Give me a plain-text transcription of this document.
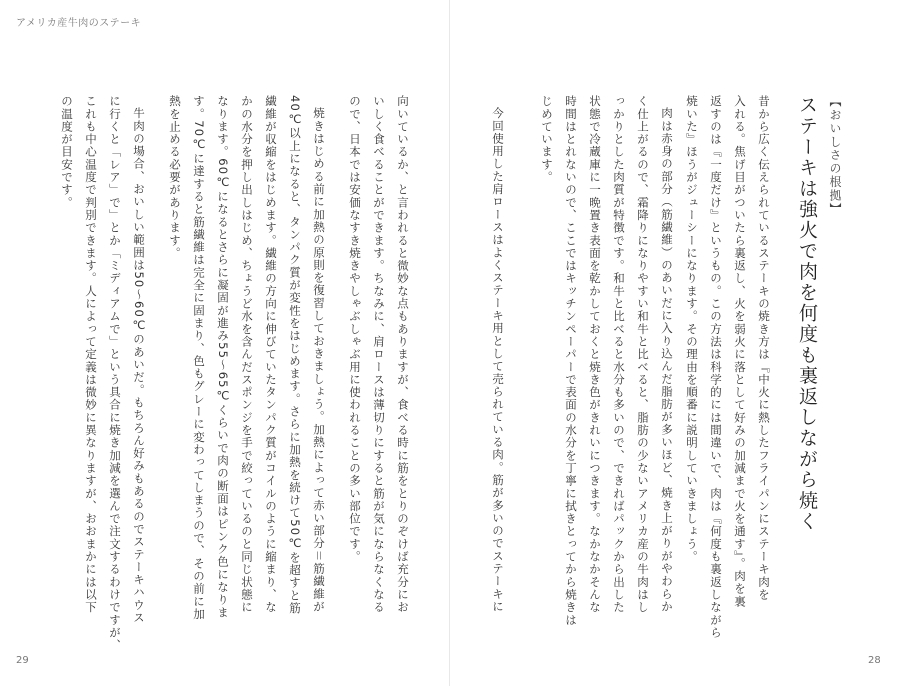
アメリカ産牛肉のステーキ
【おいしさの根拠】
ステーキは強火で肉を何度も裏返しながら焼く
昔から広く伝えられているステーキの焼き方は『中火に熱したフライパンにステーキ肉を
入れる。焦げ目がついたら裏返し、火を弱火に落として好みの加減まで火を通す』。肉を裏
返すのは『一度だけ』というもの。この方法は科学的には間違いで、肉は『何度も裏返しながら
焼いた』ほうがジューシーになります。その理由を順番に説明していきましょう。
肉は赤身の部分（筋繊維）のあいだに入り込んだ脂肪が多いほど、焼き上がりがやわらか
く仕上がるので、霜降りになりやすい和牛と比べると、脂肪の少ないアメリカ産の牛肉はし
っかりとした肉質が特徴です。和牛と比べると水分も多いので、できればパックから出した
状態で冷蔵庫に一晩置き表面を乾かしておくと焼き色がきれいにつきます。なかなかそんな
時間はとれないので、ここではキッチンペーパーで表面の水分を丁寧に拭きとってから焼きは
じめています。
今回使用した肩ロースはよくステーキ用として売られている肉。筋が多いのでステーキに
向いているか、と言われると微妙な点もありますが、食べる時に筋をとりのぞけば充分にお
いしく食べることができます。ちなみに、肩ロースは薄切りにすると筋が気にならなくなる
ので、日本では安価なすき焼きやしゃぶしゃぶ用に使われることの多い部位です。
焼きはじめる前に加熱の原則を復習しておきましょう。加熱によって赤い部分＝筋繊維が
40℃以上になると、タンパク質が変性をはじめます。さらに加熱を続けて50℃を超すと筋
繊維が収縮をはじめます。繊維の方向に伸びていたタンパク質がコイルのように縮まり、な
かの水分を押し出しはじめ、ちょうど水を含んだスポンジを手で絞っているのと同じ状態に
なります。60℃になるとさらに凝固が進み55〜65℃くらいで肉の断面はピンク色になりま
す。70℃に達すると筋繊維は完全に固まり、色もグレーに変わってしまうので、その前に加
熱を止める必要があります。
牛肉の場合、おいしい範囲は50〜60℃のあいだ。もちろん好みもあるのでステーキハウス
に行くと「レア」で」とか「ミディアムで」という具合に焼き加減を選んで注文するわけですが、
これも中心温度で判別できます。人によって定義は微妙に異なりますが、おおまかには以下
の温度が目安です。
29	28
